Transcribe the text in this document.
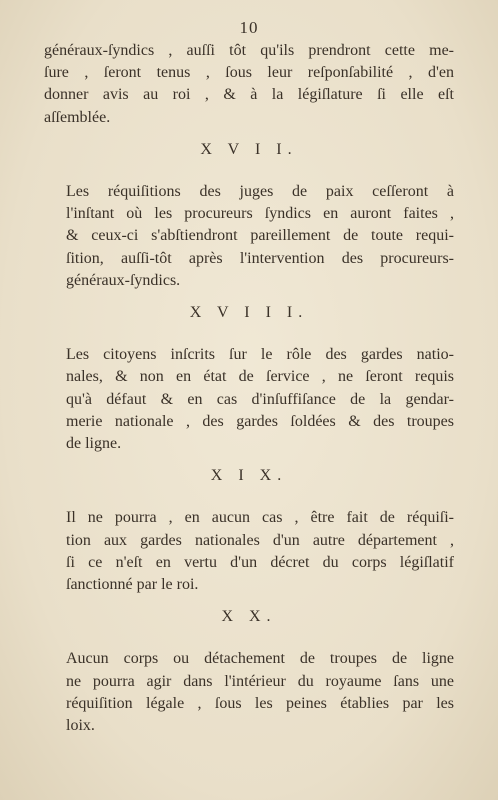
10

généraux-ſyndics , auſſi tôt qu'ils prendront cette me-
ſure , ſeront tenus , ſous leur reſponſabilité , d'en
donner avis au roi , & à la légiſlature ſi elle eſt
aſſemblée.

X V I I.

Les réquiſitions des juges de paix ceſſeront à
l'inſtant où les procureurs ſyndics en auront faites ,
& ceux-ci s'abſtiendront pareillement de toute requi-
ſition, auſſi-tôt après l'intervention des procureurs-
généraux-ſyndics.

X V I I I.

Les citoyens inſcrits ſur le rôle des gardes natio-
nales, & non en état de ſervice , ne ſeront requis
qu'à défaut & en cas d'inſuffiſance de la gendar-
merie nationale , des gardes ſoldées & des troupes
de ligne.

X I X.

Il ne pourra , en aucun cas , être fait de réquiſi-
tion aux gardes nationales d'un autre département ,
ſi ce n'eſt en vertu d'un décret du corps légiſlatif
ſanctionné par le roi.

X X.

Aucun corps ou détachement de troupes de ligne
ne pourra agir dans l'intérieur du royaume ſans une
réquiſition légale , ſous les peines établies par les
loix.
